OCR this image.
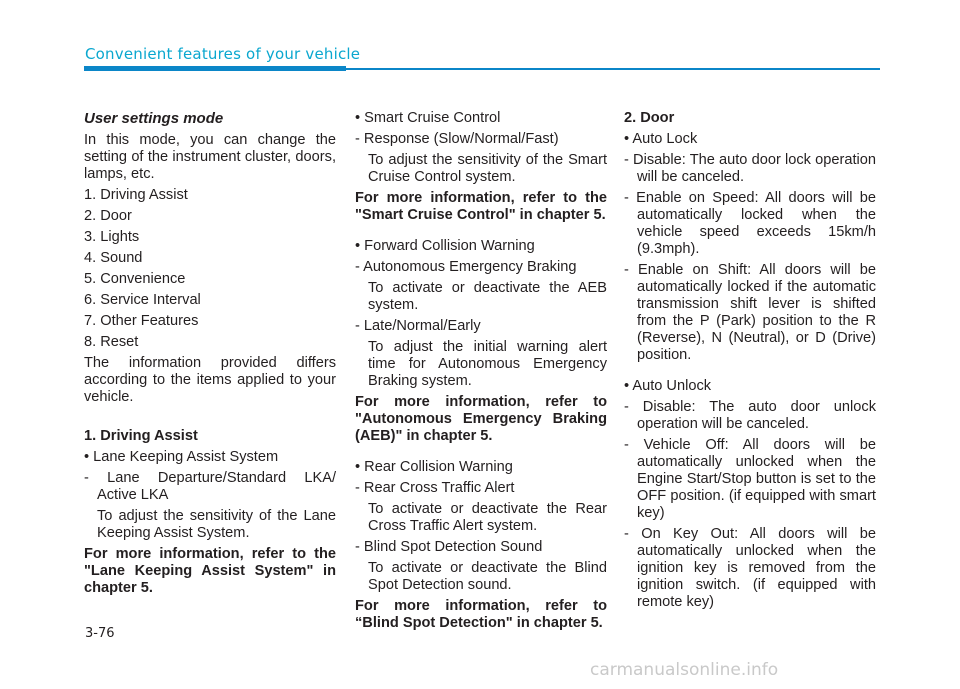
Convenient features of your vehicle

User settings mode

In this mode, you can change the setting of the instrument cluster, doors, lamps, etc.

1. Driving Assist

2. Door

3. Lights

4. Sound

5. Convenience

6. Service Interval

7. Other Features

8. Reset

The information provided differs according to the items applied to your vehicle.

1. Driving Assist

• Lane Keeping Assist System

- Lane Departure/Standard LKA/ Active LKA

To adjust the sensitivity of the Lane Keeping Assist System.

For more information, refer to the "Lane Keeping Assist System" in chapter 5.

• Smart Cruise Control

- Response (Slow/Normal/Fast)

To adjust the sensitivity of the Smart Cruise Control system.

For more information, refer to the "Smart Cruise Control" in chapter 5.

• Forward Collision Warning

- Autonomous Emergency Braking

To activate or deactivate the AEB system.

- Late/Normal/Early

To adjust the initial warning alert time for Autonomous Emergency Braking system.

For more information, refer to "Autonomous Emergency Braking (AEB)" in chapter 5.

• Rear Collision Warning

- Rear Cross Traffic Alert

To activate or deactivate the Rear Cross Traffic Alert system.

- Blind Spot Detection Sound

To activate or deactivate the Blind Spot Detection sound.

For more information, refer to “Blind Spot Detection" in chapter 5.

2. Door

• Auto Lock

- Disable: The auto door lock operation will be canceled.

- Enable on Speed: All doors will be automatically locked when the vehicle speed exceeds 15km/h (9.3mph).

- Enable on Shift: All doors will be automatically locked if the automatic transmission shift lever is shifted from the P (Park) position to the R (Reverse), N (Neutral), or D (Drive) position.

• Auto Unlock

- Disable: The auto door unlock operation will be canceled.

- Vehicle Off: All doors will be automatically unlocked when the Engine Start/Stop button is set to the OFF position. (if equipped with smart key)

- On Key Out: All doors will be automatically unlocked when the ignition key is removed from the ignition switch. (if equipped with remote key)

3-76
carmanualsonline.info
